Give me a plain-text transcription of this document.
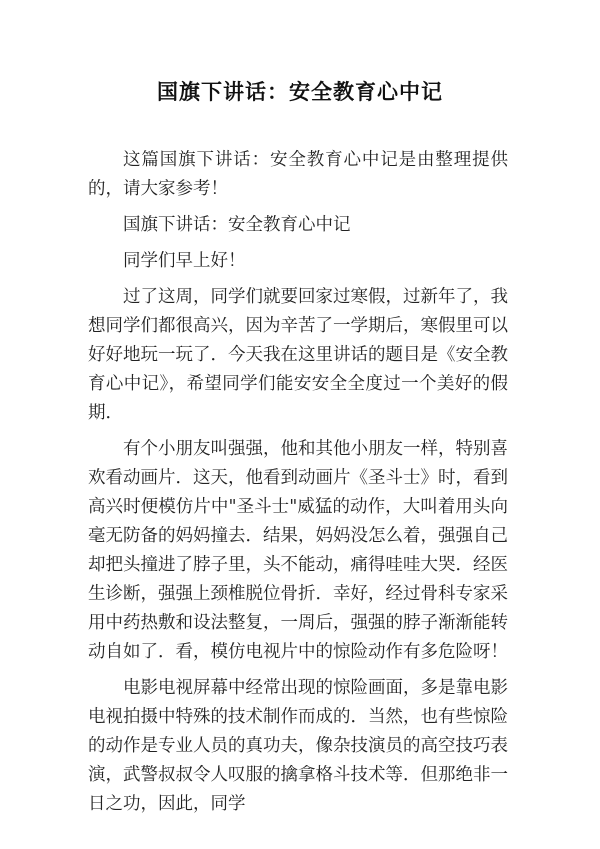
国旗下讲话：安全教育心中记

这篇国旗下讲话：安全教育心中记是由整理提供的，请大家参考！

国旗下讲话：安全教育心中记

同学们早上好！

过了这周，同学们就要回家过寒假，过新年了，我想同学们都很高兴，因为辛苦了一学期后，寒假里可以好好地玩一玩了．今天我在这里讲话的题目是《安全教育心中记》，希望同学们能安安全全度过一个美好的假期．

有个小朋友叫强强，他和其他小朋友一样，特别喜欢看动画片．这天，他看到动画片《圣斗士》时，看到高兴时便模仿片中"圣斗士"威猛的动作，大叫着用头向毫无防备的妈妈撞去．结果，妈妈没怎么着，强强自己却把头撞进了脖子里，头不能动，痛得哇哇大哭．经医生诊断，强强上颈椎脱位骨折．幸好，经过骨科专家采用中药热敷和设法整复，一周后，强强的脖子渐渐能转动自如了．看，模仿电视片中的惊险动作有多危险呀！

电影电视屏幕中经常出现的惊险画面，多是靠电影电视拍摄中特殊的技术制作而成的．当然，也有些惊险的动作是专业人员的真功夫，像杂技演员的高空技巧表演，武警叔叔令人叹服的擒拿格斗技术等．但那绝非一日之功，因此，同学
